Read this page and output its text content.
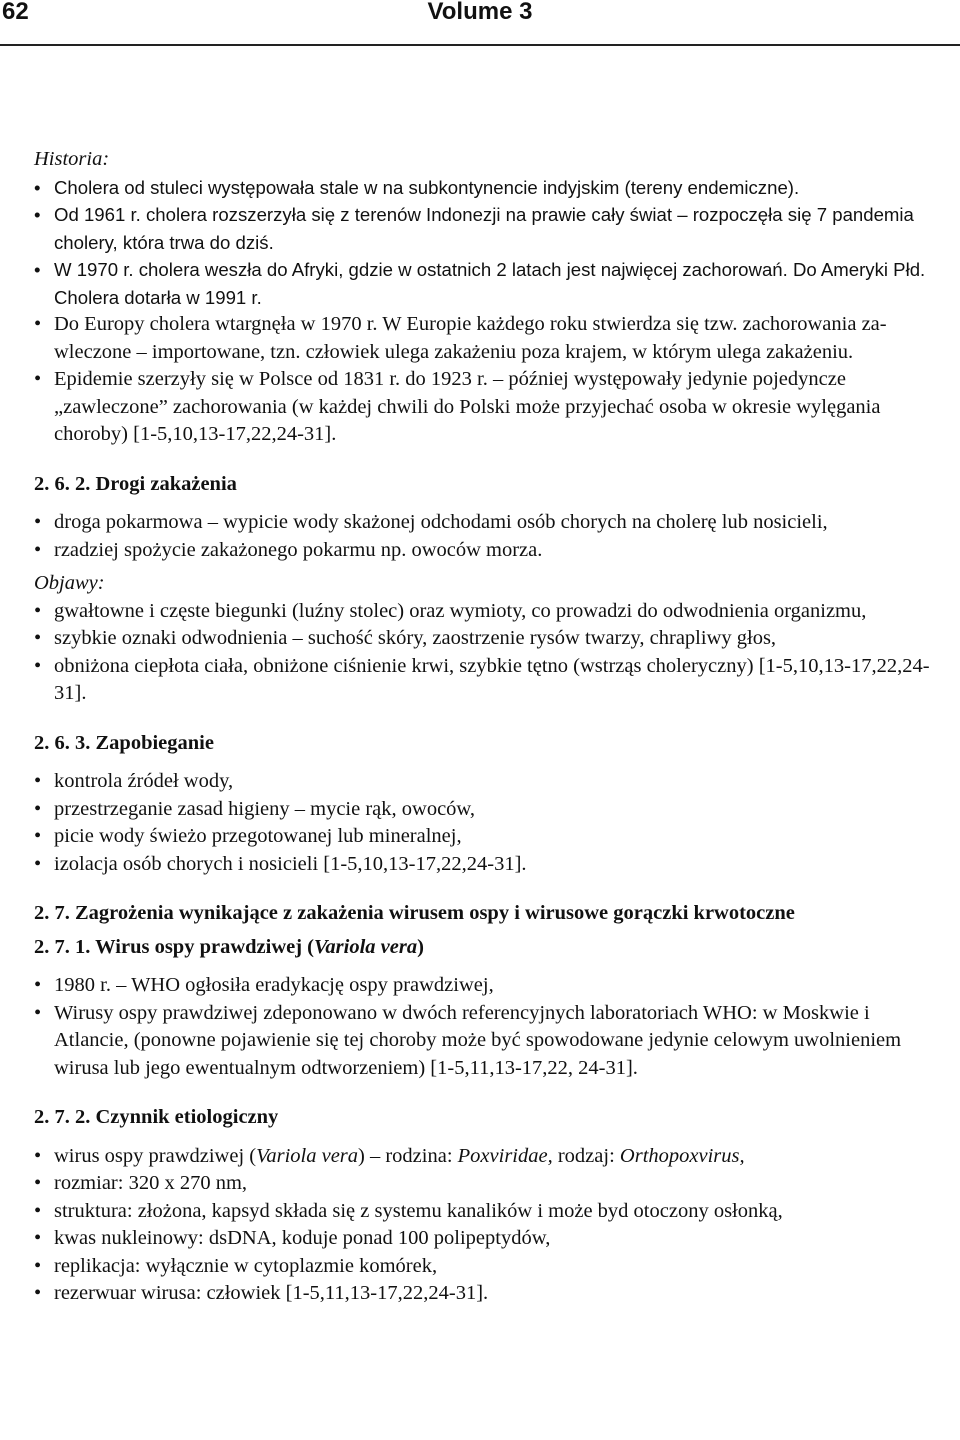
62	Volume 3

Historia:

• Cholera od stuleci występowała stale w na subkontynencie indyjskim (tereny endemiczne).
• Od 1961 r. cholera rozszerzyła się z terenów Indonezji na prawie cały świat – rozpoczęła się 7 pandemia cholery, która trwa do dziś.
• W 1970 r. cholera weszła do Afryki, gdzie w ostatnich 2 latach jest najwięcej zachorowań. Do Ameryki Płd. Cholera dotarła w 1991 r.
• Do Europy cholera wtargnęła w 1970 r. W Europie każdego roku stwierdza się tzw. zachorowania za-wleczone – importowane, tzn. człowiek ulega zakażeniu poza krajem, w którym ulega zakażeniu.
• Epidemie szerzyły się w Polsce od 1831 r. do 1923 r. – później występowały jedynie pojedyncze „zawleczone” zachorowania (w każdej chwili do Polski może przyjechać osoba w okresie wylęgania choroby) [1-5,10,13-17,22,24-31].

2. 6. 2. Drogi zakażenia

• droga pokarmowa – wypicie wody skażonej odchodami osób chorych na cholerę lub nosicieli,
• rzadziej spożycie zakażonego pokarmu np. owoców morza.

Objawy:

• gwałtowne i częste biegunki (luźny stolec) oraz wymioty, co prowadzi do odwodnienia organizmu,
• szybkie oznaki odwodnienia – suchość skóry, zaostrzenie rysów twarzy, chrapliwy głos,
• obniżona ciepłota ciała, obniżone ciśnienie krwi, szybkie tętno (wstrząs choleryczny) [1-5,10,13-17,22,24-31].

2. 6. 3. Zapobieganie

• kontrola źródeł wody,
• przestrzeganie zasad higieny – mycie rąk, owoców,
• picie wody świeżo przegotowanej lub mineralnej,
• izolacja osób chorych i nosicieli [1-5,10,13-17,22,24-31].

2. 7. Zagrożenia wynikające z zakażenia wirusem ospy i wirusowe gorączki krwotoczne

2. 7. 1. Wirus ospy prawdziwej (Variola vera)

• 1980 r. – WHO ogłosiła eradykację ospy prawdziwej,
• Wirusy ospy prawdziwej zdeponowano w dwóch referencyjnych laboratoriach WHO: w Moskwie i Atlancie, (ponowne pojawienie się tej choroby może być spowodowane jedynie celowym uwolnieniem wirusa lub jego ewentualnym odtworzeniem) [1-5,11,13-17,22, 24-31].

2. 7. 2. Czynnik etiologiczny

• wirus ospy prawdziwej (Variola vera) – rodzina: Poxviridae, rodzaj: Orthopoxvirus,
• rozmiar: 320 x 270 nm,
• struktura: złożona, kapsyd składa się z systemu kanalików i może byd otoczony osłonką,
• kwas nukleinowy: dsDNA, koduje ponad 100 polipeptydów,
• replikacja: wyłącznie w cytoplazmie komórek,
• rezerwuar wirusa: człowiek [1-5,11,13-17,22,24-31].
